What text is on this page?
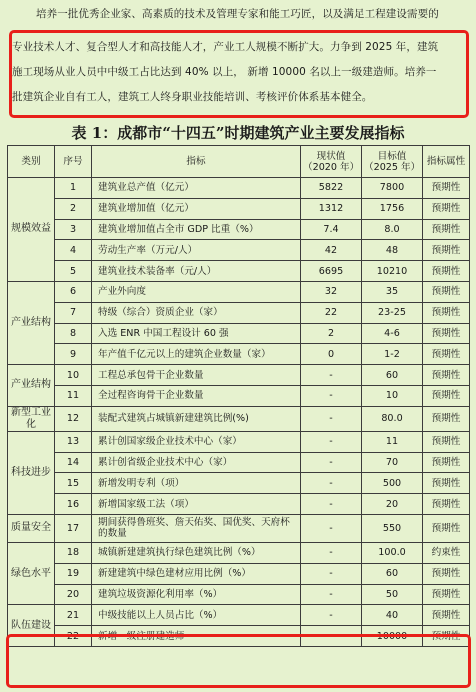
培养一批优秀企业家、高素质的技术及管理专家和能工巧匠，以及满足工程建设需要的
专业技术人才、复合型人才和高技能人才，产业工人规模不断扩大。力争到 2025 年，建筑
施工现场从业人员中中级工占比达到 40% 以上， 新增 10000 名以上一级建造师。培养一
批建筑企业自有工人，建筑工人终身职业技能培训、考核评价体系基本健全。
表 1：成都市“十四五”时期建筑产业主要发展指标
类别	序号	指标	现状值（2020 年）	目标值（2025 年）	指标属性
规模效益	1	建筑业总产值（亿元）	5822	7800	预期性
	2	建筑业增加值（亿元）	1312	1756	预期性
	3	建筑业增加值占全市 GDP 比重（%）	7.4	8.0	预期性
	4	劳动生产率（万元/人）	42	48	预期性
	5	建筑业技术装备率（元/人）	6695	10210	预期性
产业结构	6	产业外向度	32	35	预期性
	7	特级（综合）资质企业（家）	22	23-25	预期性
	8	入选 ENR 中国工程设计 60 强	2	4-6	预期性
	9	年产值千亿元以上的建筑企业数量（家）	0	1-2	预期性
产业结构	10	工程总承包骨干企业数量	-	60	预期性
	11	全过程咨询骨干企业数量	-	10	预期性
新型工业化	12	装配式建筑占城镇新建建筑比例(%)	-	80.0	预期性
科技进步	13	累计创国家级企业技术中心（家）	-	11	预期性
	14	累计创省级企业技术中心（家）	-	70	预期性
	15	新增发明专利（项）	-	500	预期性
	16	新增国家级工法（项）	-	20	预期性
质量安全	17	期间获得鲁班奖、詹天佑奖、国优奖、天府杯的数量	-	550	预期性
绿色水平	18	城镇新建建筑执行绿色建筑比例（%）	-	100.0	约束性
	19	新建建筑中绿色建材应用比例（%）	-	60	预期性
	20	建筑垃圾资源化利用率（%）	-	50	预期性
队伍建设	21	中级技能以上人员占比（%）	-	40	预期性
	22	新增一级注册建造师	-	10000	预期性
